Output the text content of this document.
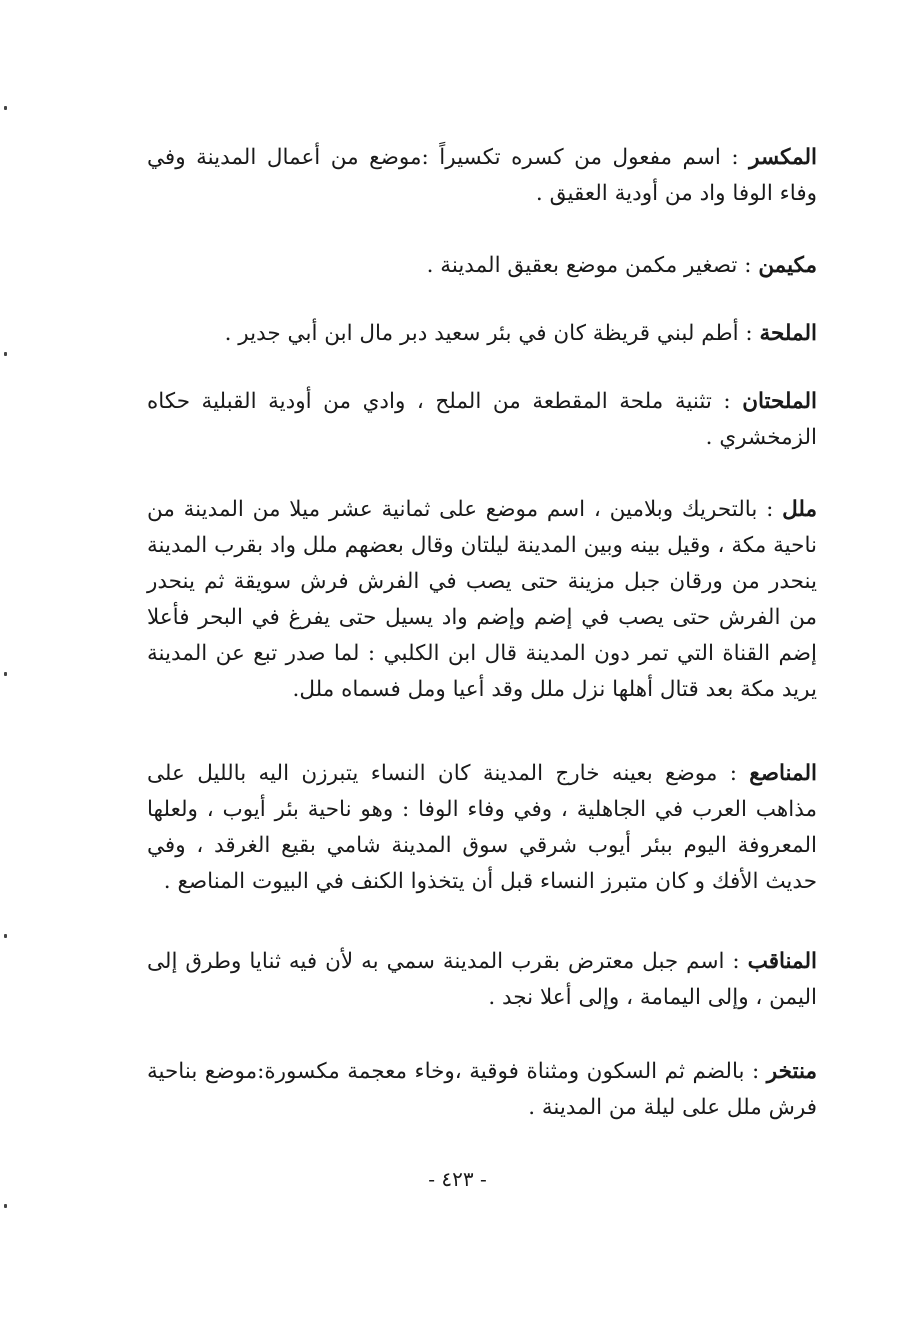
المكسر : اسم مفعول من كسره تكسيراً :موضع من أعمال المدينة وفي وفاء الوفا واد من أودية العقيق .
مكيمن : تصغير مكمن موضع بعقيق المدينة .
الملحة : أطم لبني قريظة كان في بئر سعيد دبر مال ابن أبي جدير .
الملحتان : تثنية ملحة المقطعة من الملح ، وادي من أودية القبلية حكاه الزمخشري .
ملل : بالتحريك وبلامين ، اسم موضع على ثمانية عشر ميلا من المدينة من ناحية مكة ، وقيل بينه وبين المدينة ليلتان وقال بعضهم ملل واد بقرب المدينة ينحدر من ورقان جبل مزينة حتى يصب في الفرش فرش سويقة ثم ينحدر من الفرش حتى يصب في إضم وإضم واد يسيل حتى يفرغ في البحر فأعلا إضم القناة التي تمر دون المدينة قال ابن الكلبي : لما صدر تبع عن المدينة يريد مكة بعد قتال أهلها نزل ملل وقد أعيا ومل فسماه ملل.
المناصع : موضع بعينه خارج المدينة كان النساء يتبرزن اليه بالليل على مذاهب العرب في الجاهلية ، وفي وفاء الوفا : وهو ناحية بئر أيوب ، ولعلها المعروفة اليوم ببئر أيوب شرقي سوق المدينة شامي بقيع الغرقد ، وفي حديث الأفك و كان متبرز النساء قبل أن يتخذوا الكنف في البيوت المناصع .
المناقب : اسم جبل معترض بقرب المدينة سمي به لأن فيه ثنايا وطرق إلى اليمن ، وإلى اليمامة ، وإلى أعلا نجد .
منتخر : بالضم ثم السكون ومثناة فوقية ،وخاء معجمة مكسورة:موضع بناحية فرش ملل على ليلة من المدينة .
- ٤٢٣ -
